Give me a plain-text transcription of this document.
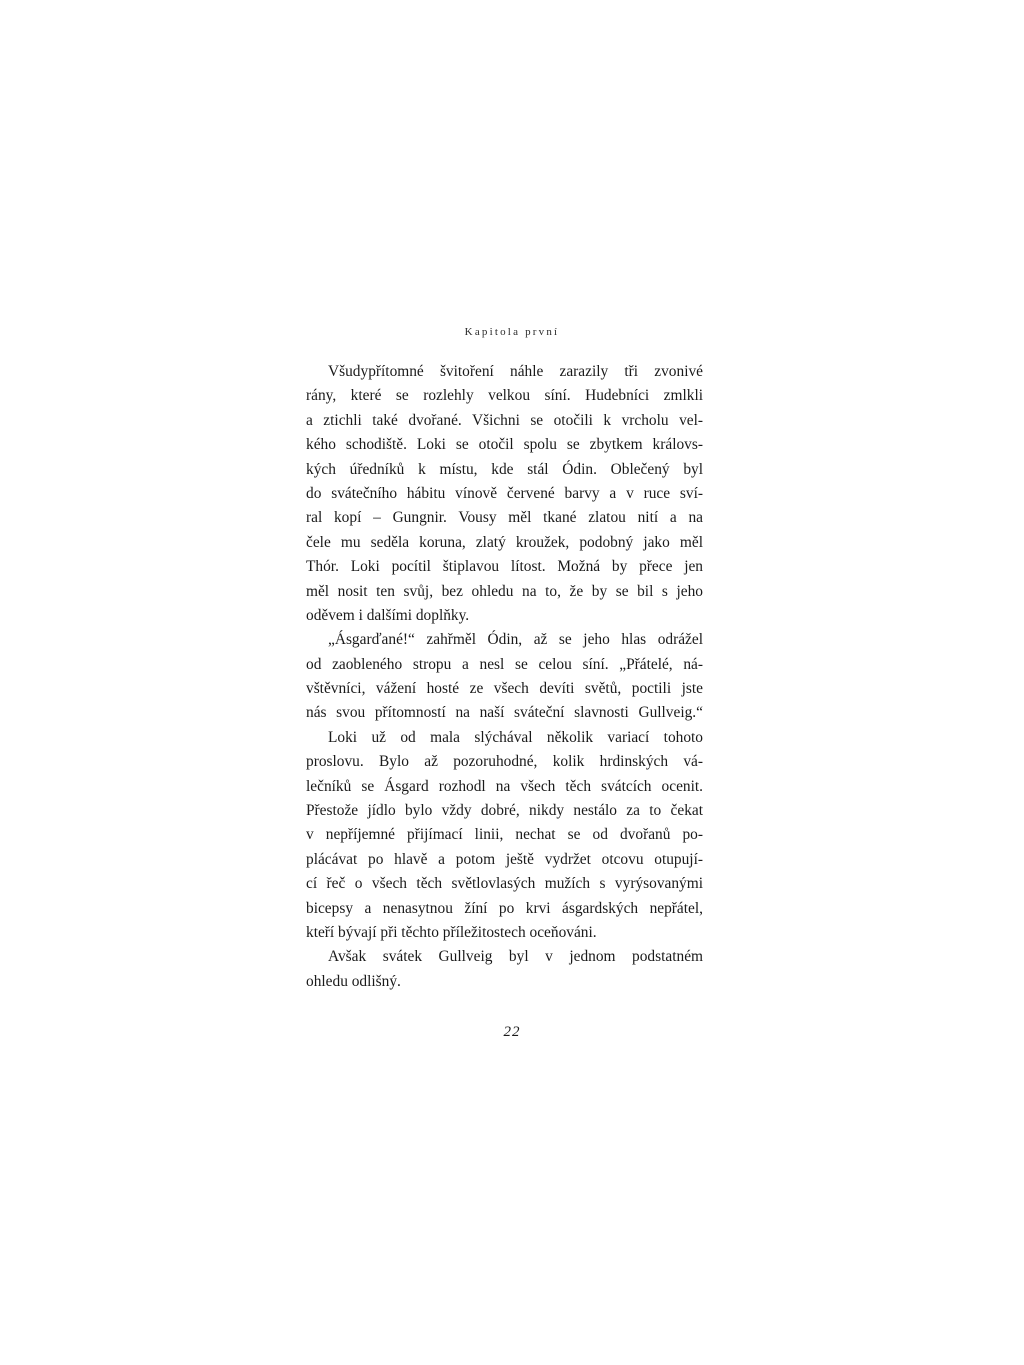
Kapitola první
Všudypřítomné švitoření náhle zarazily tři zvonivé
rány, které se rozlehly velkou síní. Hudebníci zmlkli
a ztichli také dvořané. Všichni se otočili k vrcholu vel-
kého schodiště. Loki se otočil spolu se zbytkem královs-
kých úředníků k místu, kde stál Ódin. Oblečený byl
do svátečního hábitu vínově červené barvy a v ruce sví-
ral kopí – Gungnir. Vousy měl tkané zlatou nití a na
čele mu seděla koruna, zlatý kroužek, podobný jako měl
Thór. Loki pocítil štiplavou lítost. Možná by přece jen
měl nosit ten svůj, bez ohledu na to, že by se bil s jeho
oděvem i dalšími doplňky.
„Ásgarďané!“ zahřměl Ódin, až se jeho hlas odrážel
od zaobleného stropu a nesl se celou síní. „Přátelé, ná-
vštěvníci, vážení hosté ze všech devíti světů, poctili jste
nás svou přítomností na naší sváteční slavnosti Gullveig.“
Loki už od mala slýchával několik variací tohoto
proslovu. Bylo až pozoruhodné, kolik hrdinských vá-
lečníků se Ásgard rozhodl na všech těch svátcích ocenit.
Přestože jídlo bylo vždy dobré, nikdy nestálo za to čekat
v nepříjemné přijímací linii, nechat se od dvořanů po-
plácávat po hlavě a potom ještě vydržet otcovu otupují-
cí řeč o všech těch světlovlasých mužích s vyrýsovanými
bicepsy a nenasytnou žíní po krvi ásgardských nepřátel,
kteří bývají při těchto příležitostech oceňováni.
Avšak svátek Gullveig byl v jednom podstatném
ohledu odlišný.
22
